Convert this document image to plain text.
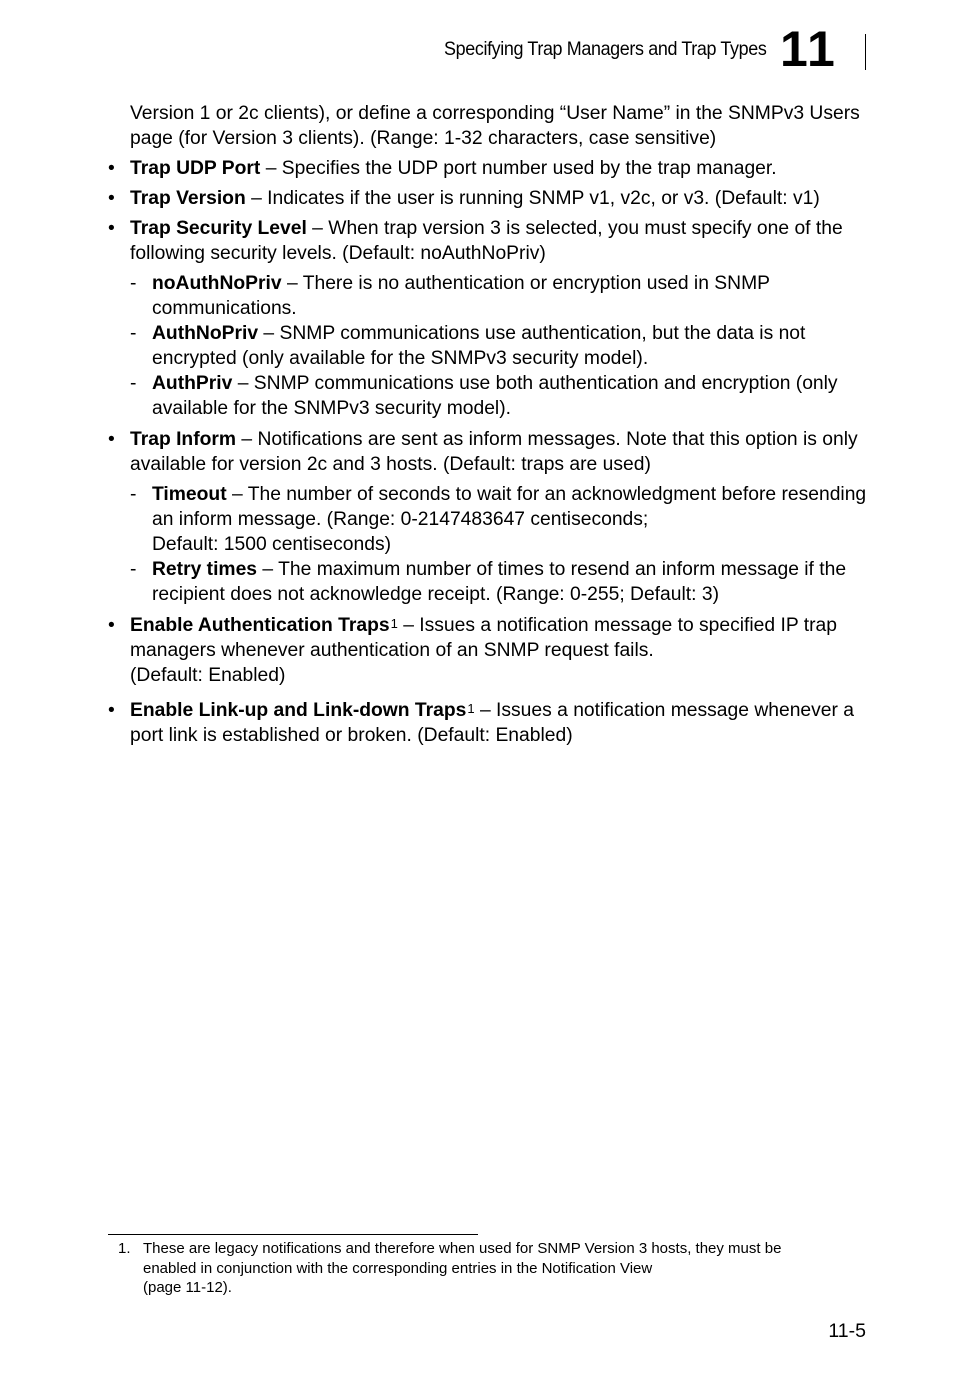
Specifying Trap Managers and Trap Types 11

Version 1 or 2c clients), or define a corresponding “User Name” in the SNMPv3 Users page (for Version 3 clients). (Range: 1-32 characters, case sensitive)

• Trap UDP Port – Specifies the UDP port number used by the trap manager.
• Trap Version – Indicates if the user is running SNMP v1, v2c, or v3. (Default: v1)
• Trap Security Level – When trap version 3 is selected, you must specify one of the following security levels. (Default: noAuthNoPriv)
- noAuthNoPriv – There is no authentication or encryption used in SNMP communications.
- AuthNoPriv – SNMP communications use authentication, but the data is not encrypted (only available for the SNMPv3 security model).
- AuthPriv – SNMP communications use both authentication and encryption (only available for the SNMPv3 security model).
• Trap Inform – Notifications are sent as inform messages. Note that this option is only available for version 2c and 3 hosts. (Default: traps are used)
- Timeout – The number of seconds to wait for an acknowledgment before resending an inform message. (Range: 0-2147483647 centiseconds;
Default: 1500 centiseconds)
- Retry times – The maximum number of times to resend an inform message if the recipient does not acknowledge receipt. (Range: 0-255; Default: 3)
• Enable Authentication Traps$^1$ – Issues a notification message to specified IP trap managers whenever authentication of an SNMP request fails.
(Default: Enabled)
• Enable Link-up and Link-down Traps$^1$ – Issues a notification message whenever a port link is established or broken. (Default: Enabled)
1. These are legacy notifications and therefore when used for SNMP Version 3 hosts, they must be enabled in conjunction with the corresponding entries in the Notification View
(page 11-12).
11-5
